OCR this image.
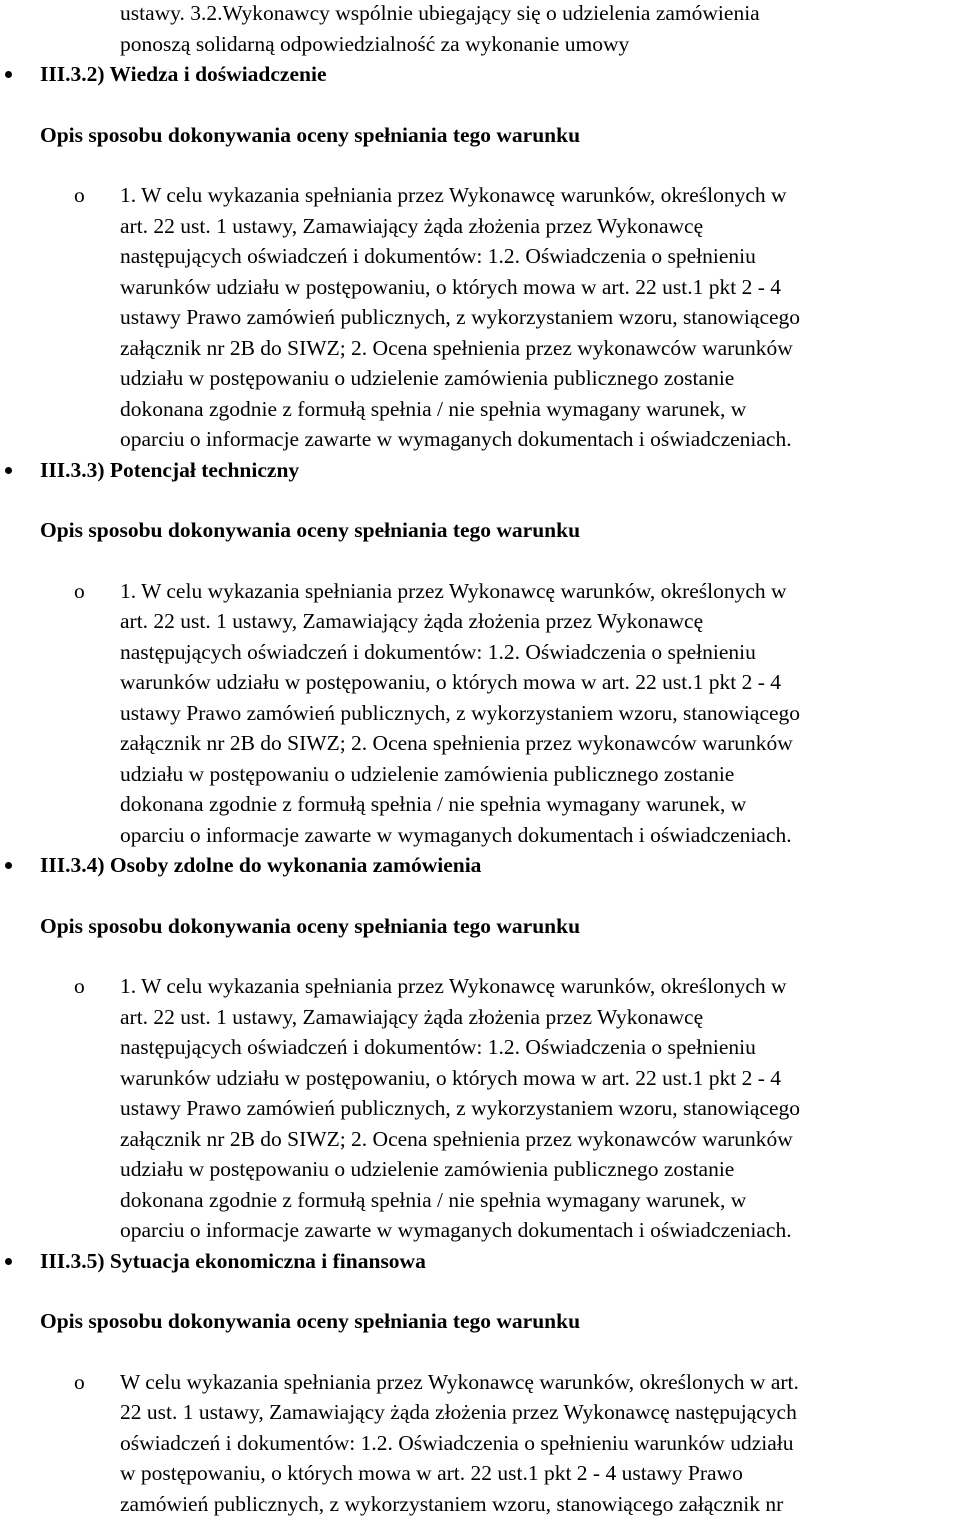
ustawy. 3.2.Wykonawcy wspólnie ubiegający się o udzielenia zamówienia
ponoszą solidarną odpowiedzialność za wykonanie umowy
III.3.2) Wiedza i doświadczenie
Opis sposobu dokonywania oceny spełniania tego warunku
o 1. W celu wykazania spełniania przez Wykonawcę warunków, określonych w
art. 22 ust. 1 ustawy, Zamawiający żąda złożenia przez Wykonawcę
następujących oświadczeń i dokumentów: 1.2. Oświadczenia o spełnieniu
warunków udziału w postępowaniu, o których mowa w art. 22 ust.1 pkt 2 - 4
ustawy Prawo zamówień publicznych, z wykorzystaniem wzoru, stanowiącego
załącznik nr 2B do SIWZ; 2. Ocena spełnienia przez wykonawców warunków
udziału w postępowaniu o udzielenie zamówienia publicznego zostanie
dokonana zgodnie z formułą spełnia / nie spełnia wymagany warunek, w
oparciu o informacje zawarte w wymaganych dokumentach i oświadczeniach.
III.3.3) Potencjał techniczny
Opis sposobu dokonywania oceny spełniania tego warunku
o 1. W celu wykazania spełniania przez Wykonawcę warunków, określonych w
art. 22 ust. 1 ustawy, Zamawiający żąda złożenia przez Wykonawcę
następujących oświadczeń i dokumentów: 1.2. Oświadczenia o spełnieniu
warunków udziału w postępowaniu, o których mowa w art. 22 ust.1 pkt 2 - 4
ustawy Prawo zamówień publicznych, z wykorzystaniem wzoru, stanowiącego
załącznik nr 2B do SIWZ; 2. Ocena spełnienia przez wykonawców warunków
udziału w postępowaniu o udzielenie zamówienia publicznego zostanie
dokonana zgodnie z formułą spełnia / nie spełnia wymagany warunek, w
oparciu o informacje zawarte w wymaganych dokumentach i oświadczeniach.
III.3.4) Osoby zdolne do wykonania zamówienia
Opis sposobu dokonywania oceny spełniania tego warunku
o 1. W celu wykazania spełniania przez Wykonawcę warunków, określonych w
art. 22 ust. 1 ustawy, Zamawiający żąda złożenia przez Wykonawcę
następujących oświadczeń i dokumentów: 1.2. Oświadczenia o spełnieniu
warunków udziału w postępowaniu, o których mowa w art. 22 ust.1 pkt 2 - 4
ustawy Prawo zamówień publicznych, z wykorzystaniem wzoru, stanowiącego
załącznik nr 2B do SIWZ; 2. Ocena spełnienia przez wykonawców warunków
udziału w postępowaniu o udzielenie zamówienia publicznego zostanie
dokonana zgodnie z formułą spełnia / nie spełnia wymagany warunek, w
oparciu o informacje zawarte w wymaganych dokumentach i oświadczeniach.
III.3.5) Sytuacja ekonomiczna i finansowa
Opis sposobu dokonywania oceny spełniania tego warunku
o W celu wykazania spełniania przez Wykonawcę warunków, określonych w art.
22 ust. 1 ustawy, Zamawiający żąda złożenia przez Wykonawcę następujących
oświadczeń i dokumentów: 1.2. Oświadczenia o spełnieniu warunków udziału
w postępowaniu, o których mowa w art. 22 ust.1 pkt 2 - 4 ustawy Prawo
zamówień publicznych, z wykorzystaniem wzoru, stanowiącego załącznik nr
